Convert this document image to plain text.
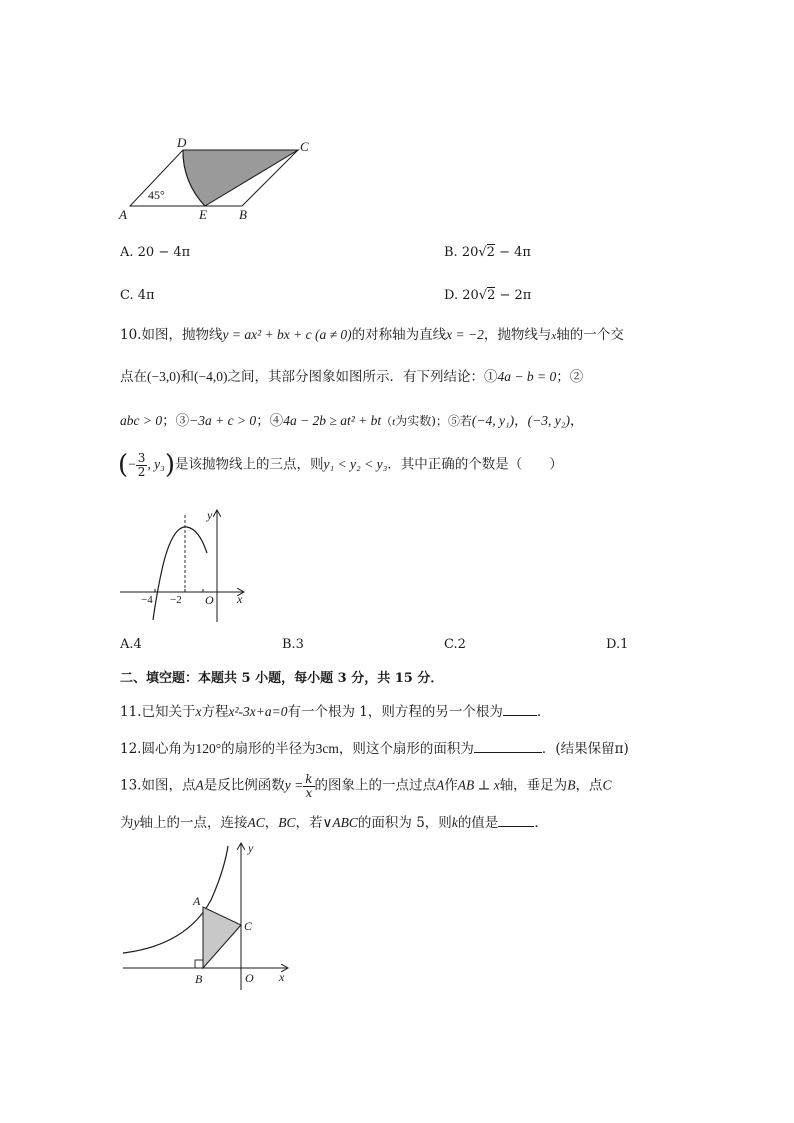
D	C
A	E B
45°
A. 20 − 4π	B. 20√2 − 4π
C. 4π	D. 20√2 − 2π
10.如图，抛物线y = ax² + bx + c (a ≠ 0)的对称轴为直线x = −2，抛物线与x轴的一个交
点在(−3,0)和(−4,0)之间，其部分图象如图所示．有下列结论：①4a − b = 0；②
abc > 0；③−3a + c > 0；④4a − 2b ≥ at² + bt（t为实数)；⑤若(−4, y₁)，(−3, y₂)，
(− $\frac{3}{2}$ , y₃)是该抛物线上的三点，则y₁ < y₂ < y₃．其中正确的个数是（　　）
y
x
O
−4 −2
A.4	B.3	C.2	D.1
二、填空题：本题共 5 小题，每小题 3 分，共 15 分．
11.已知关于x方程x²-3x+a=0有一个根为 1，则方程的另一个根为	．
12.圆心角为120°的扇形的半径为3cm，则这个扇形的面积为	．(结果保留π)
13.如图，点A是反比例函数$y = \frac{k}{x}$ 的图象上的一点过点A作AB ⊥ x轴，垂足为B，点C
为y轴上的一点，连接AC，BC，若∨ABC的面积为 5，则k的值是	．
y
x
O
A
B
C
